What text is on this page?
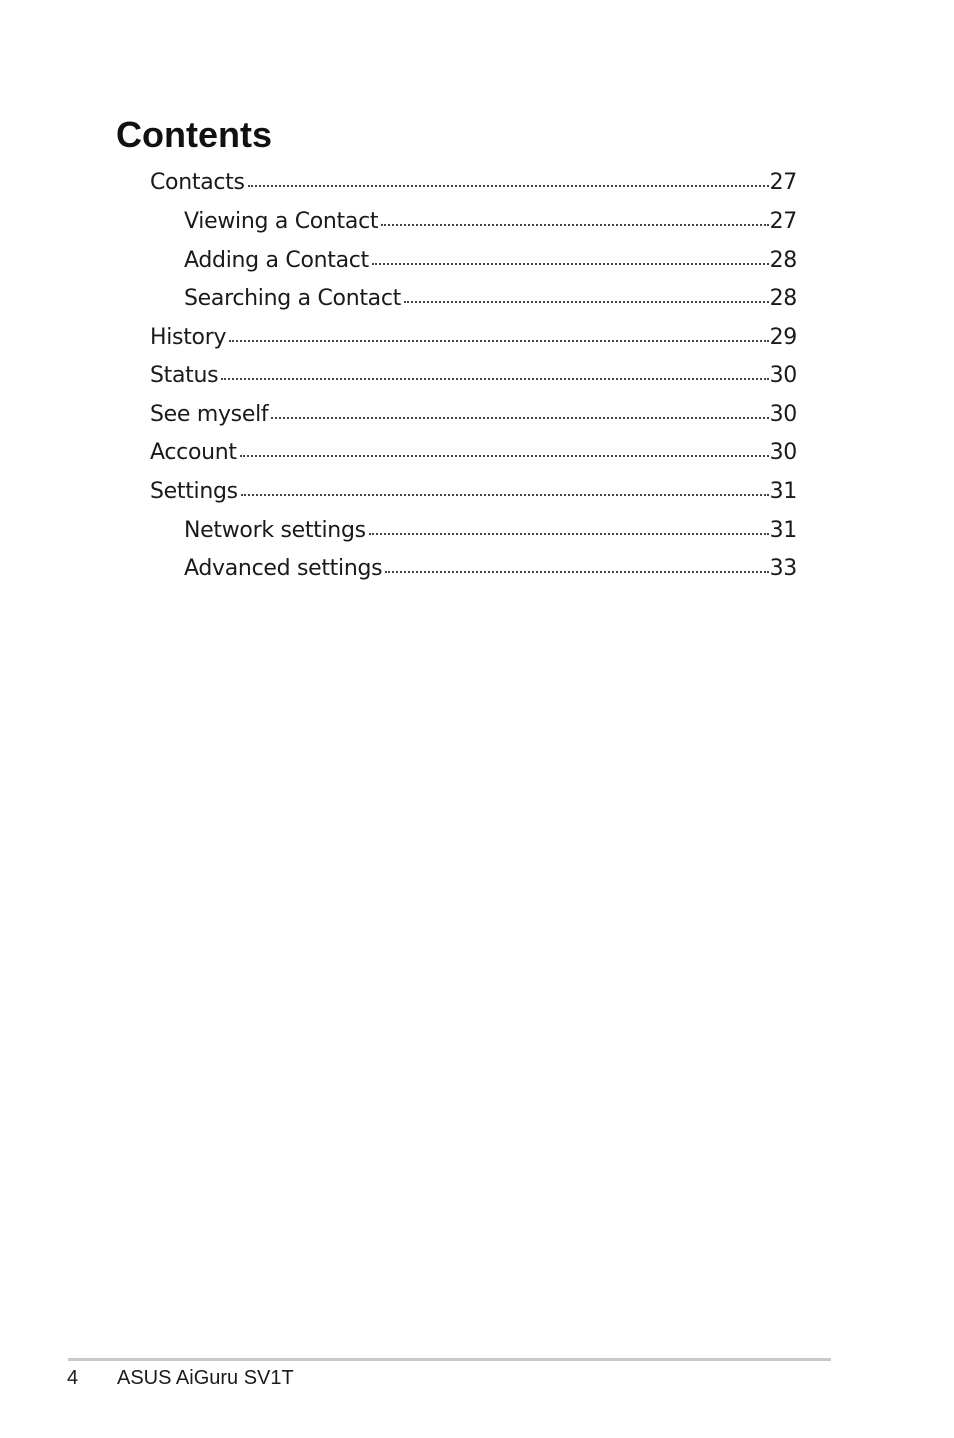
Contents
Contacts	27
Viewing a Contact	27
Adding a Contact	28
Searching a Contact	28
History	29
Status	30
See myself	30
Account	30
Settings	31
Network settings	31
Advanced settings	33
4 ASUS AiGuru SV1T
